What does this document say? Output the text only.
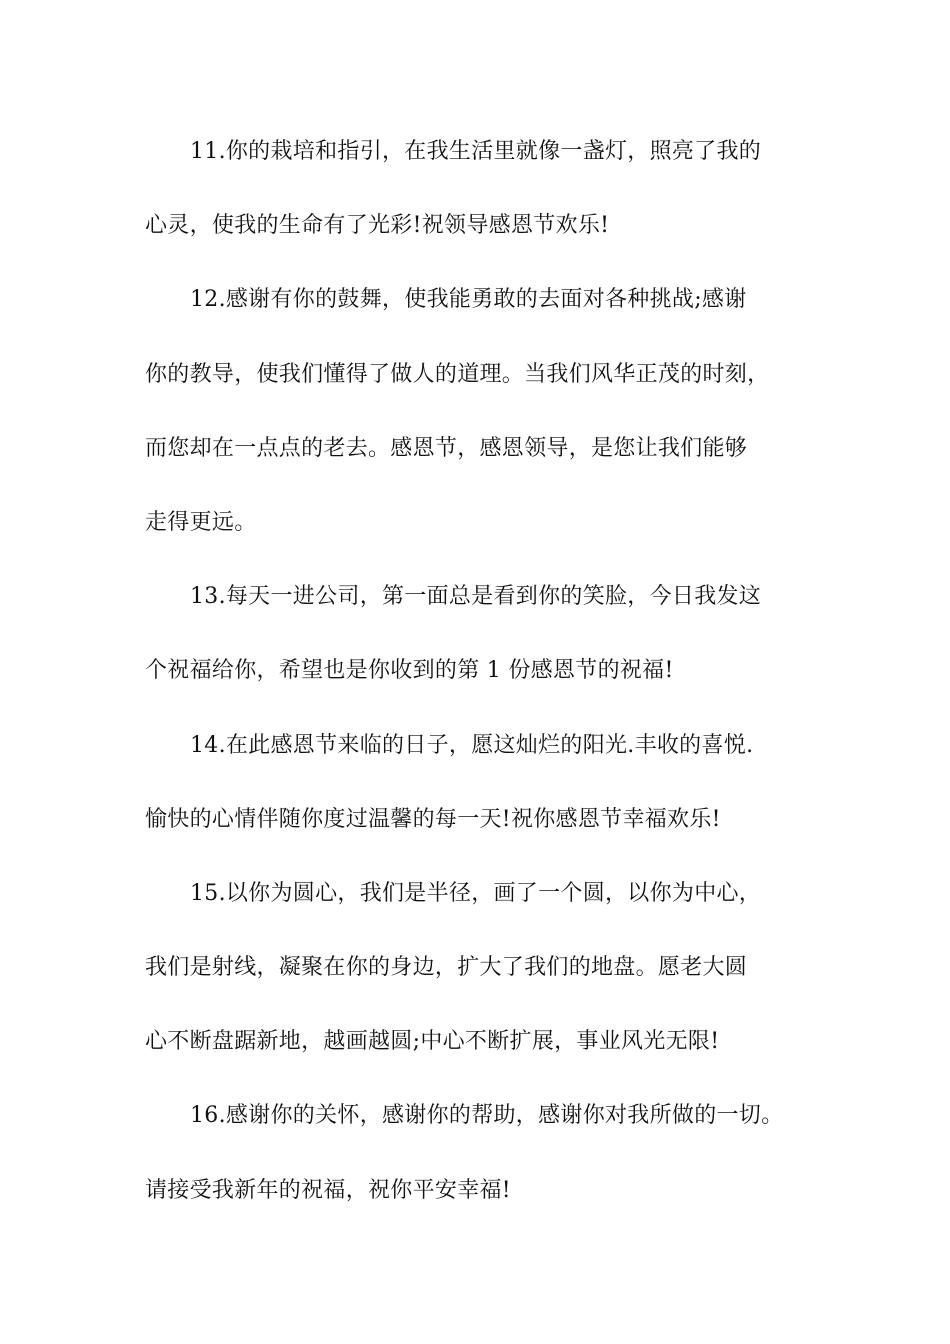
11.你的栽培和指引，在我生活里就像一盏灯，照亮了我的
心灵，使我的生命有了光彩!祝领导感恩节欢乐!
12.感谢有你的鼓舞，使我能勇敢的去面对各种挑战;感谢
你的教导，使我们懂得了做人的道理。当我们风华正茂的时刻，
而您却在一点点的老去。感恩节，感恩领导，是您让我们能够
走得更远。
13.每天一进公司，第一面总是看到你的笑脸，今日我发这
个祝福给你，希望也是你收到的第 1 份感恩节的祝福!
14.在此感恩节来临的日子，愿这灿烂的阳光.丰收的喜悦.
愉快的心情伴随你度过温馨的每一天!祝你感恩节幸福欢乐!
15.以你为圆心，我们是半径，画了一个圆，以你为中心，
我们是射线，凝聚在你的身边，扩大了我们的地盘。愿老大圆
心不断盘踞新地，越画越圆;中心不断扩展，事业风光无限!
16.感谢你的关怀，感谢你的帮助，感谢你对我所做的一切。
请接受我新年的祝福，祝你平安幸福!
